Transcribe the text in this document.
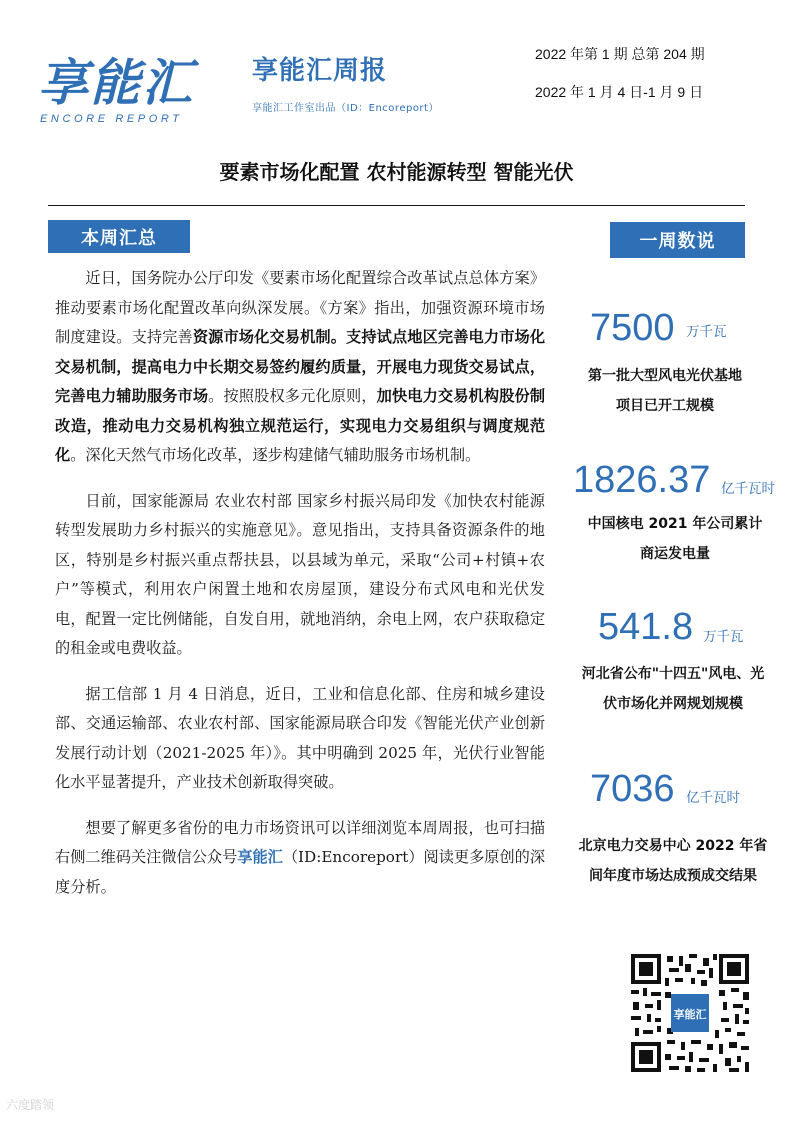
享能汇
ENCORE REPORT
享能汇周报
享能汇工作室出品（ID：Encoreport）
2022 年第 1 期 总第 204 期
2022 年 1 月 4 日-1 月 9 日
要素市场化配置 农村能源转型 智能光伏
本周汇总	一周数说

近日，国务院办公厅印发《要素市场化配置综合改革试点总体方案》推动要素市场化配置改革向纵深发展。《方案》指出，加强资源环境市场制度建设。支持完善资源市场化交易机制。支持试点地区完善电力市场化交易机制，提高电力中长期交易签约履约质量，开展电力现货交易试点，完善电力辅助服务市场。按照股权多元化原则，加快电力交易机构股份制改造，推动电力交易机构独立规范运行，实现电力交易组织与调度规范化。深化天然气市场化改革，逐步构建储气辅助服务市场机制。

日前，国家能源局 农业农村部 国家乡村振兴局印发《加快农村能源转型发展助力乡村振兴的实施意见》。意见指出，支持具备资源条件的地区，特别是乡村振兴重点帮扶县，以县域为单元，采取“公司+村镇+农户”等模式，利用农户闲置土地和农房屋顶，建设分布式风电和光伏发电，配置一定比例储能，自发自用，就地消纳，余电上网，农户获取稳定的租金或电费收益。

据工信部 1 月 4 日消息，近日，工业和信息化部、住房和城乡建设部、交通运输部、农业农村部、国家能源局联合印发《智能光伏产业创新发展行动计划（2021-2025 年）》。其中明确到 2025 年，光伏行业智能化水平显著提升，产业技术创新取得突破。

想要了解更多省份的电力市场资讯可以详细浏览本周周报，也可扫描右侧二维码关注微信公众号享能汇（ID:Encoreport）阅读更多原创的深度分析。

7500 万千瓦
第一批大型风电光伏基地
项目已开工规模
1826.37 亿千瓦时
中国核电 2021 年公司累计
商运发电量
541.8 万千瓦
河北省公布"十四五"风电、光
伏市场化并网规划规模
7036 亿千瓦时
北京电力交易中心 2022 年省
间年度市场达成预成交结果
享能汇
六度踏领
